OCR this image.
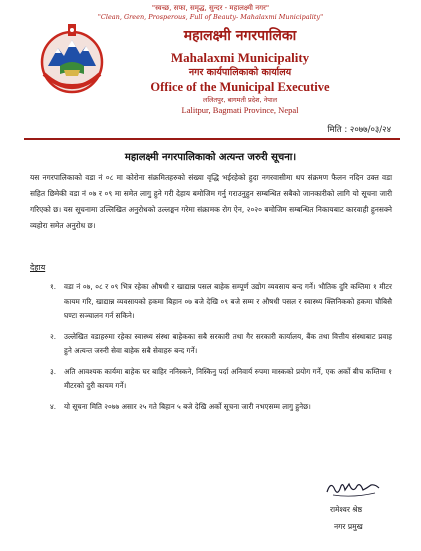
"स्वच्छ, सफा, समृद्ध, सुन्दर - महालक्ष्मी नगर"
"Clean, Green, Prosperous, Full of Beauty- Mahalaxmi Municipality"
महालक्ष्मी नगरपालिका
Mahalaxmi Municipality
नगर कार्यपालिकाको कार्यालय
Office of the Municipal Executive
ललितपुर, बागमती प्रदेश, नेपाल
Lalitpur, Bagmati Province, Nepal
मिति : २०७७/०३/२४
महालक्ष्मी नगरपालिकाको अत्यन्त जरुरी सूचना।
यस नगरपालिकाको वडा नं ०८ मा कोरोना संक्रमितहरुको संख्या वृद्धि भईरहेको हुदा नगरवासीमा थप संक्रमण फैलन नदिन उक्त वडा सहित छिमेकी वडा नं ०७ र ०९ मा समेत लागु हुने गरी देहाय बमोजिम गर्नु गराउनुहुन सम्बन्धित सबैको जानकारीको लागि यो सूचना जारी गरिएको छ। यस सूचनामा उल्लिखित अनुरोधको उल्लङ्घन गरेमा संक्रामक रोग ऐन, २०२० बमोजिम सम्बन्धित निकायबाट कारवाही हुनसक्ने व्यहोरा समेत अनुरोध छ।
देहाय
१. वडा नं ०७, ०८ र ०९ भित्र रहेका औषधी र खाद्यान्न पसल बाहेक सम्पूर्ण उद्योग व्यवसाय बन्द गर्ने। भौतिक दुरि कम्तिमा १ मीटर कायम गरि, खाद्यान्न व्यवसायको हकमा बिहान ०७ बजे देखि ०९ बजे सम्म र औषधी पसल र स्वास्थ्य क्लिनिकको हकमा चौबिसै घण्टा सञ्चालन गर्न सकिने।
२. उल्लेखित वडाहरुमा रहेका स्वास्थ्य संस्था बाहेकका सबै सरकारी तथा गैर सरकारी कार्यालय, बैंक तथा वित्तीय संस्थाबाट प्रवाह हुने अत्यन्त जरुरी सेवा बाहेक सबै सेवाहरु बन्द गर्ने।
३. अति आवश्यक कार्यमा बाहेक घर बाहिर ननिस्कने, निस्किनु पर्दा अनिवार्य रुपमा मास्कको प्रयोग गर्ने, एक अर्को बीच कम्तिमा १ मीटरको दुरी कायम गर्ने।
४. यो सूचना मिति २०७७ असार २५ गते बिहान ५ बजे देखि अर्को सूचना जारी नभएसम्म लागु हुनेछ।
रामेश्वर श्रेष्ठ
नगर प्रमुख
